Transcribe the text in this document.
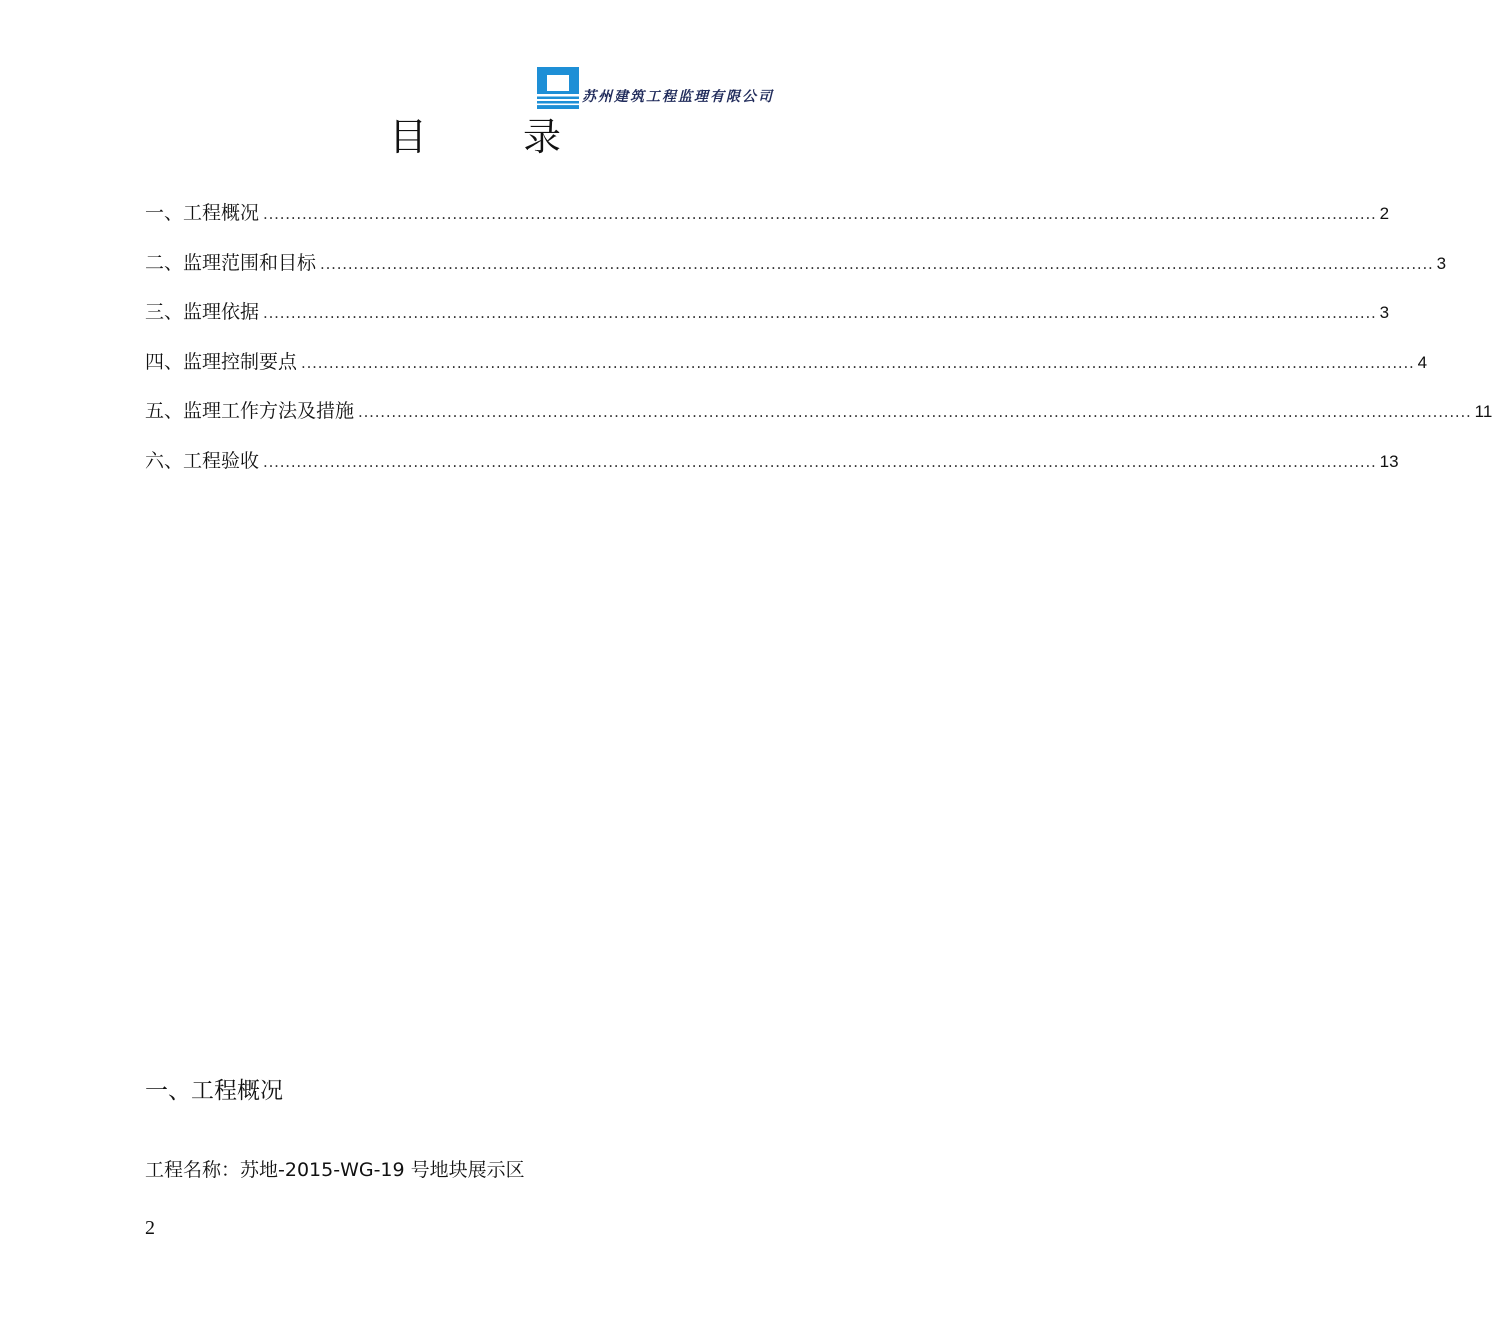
苏州建筑工程监理有限公司
目	录
一、工程概况 ........................................................................................................................................................................................................ 2
二、监理范围和目标 ........................................................................................................................................................................................................ 3
三、监理依据 ........................................................................................................................................................................................................ 3
四、监理控制要点 ........................................................................................................................................................................................................ 4
五、监理工作方法及措施 ........................................................................................................................................................................................................ 11
六、工程验收 ........................................................................................................................................................................................................ 13
一、工程概况
工程名称：苏地-2015-WG-19 号地块展示区
2
